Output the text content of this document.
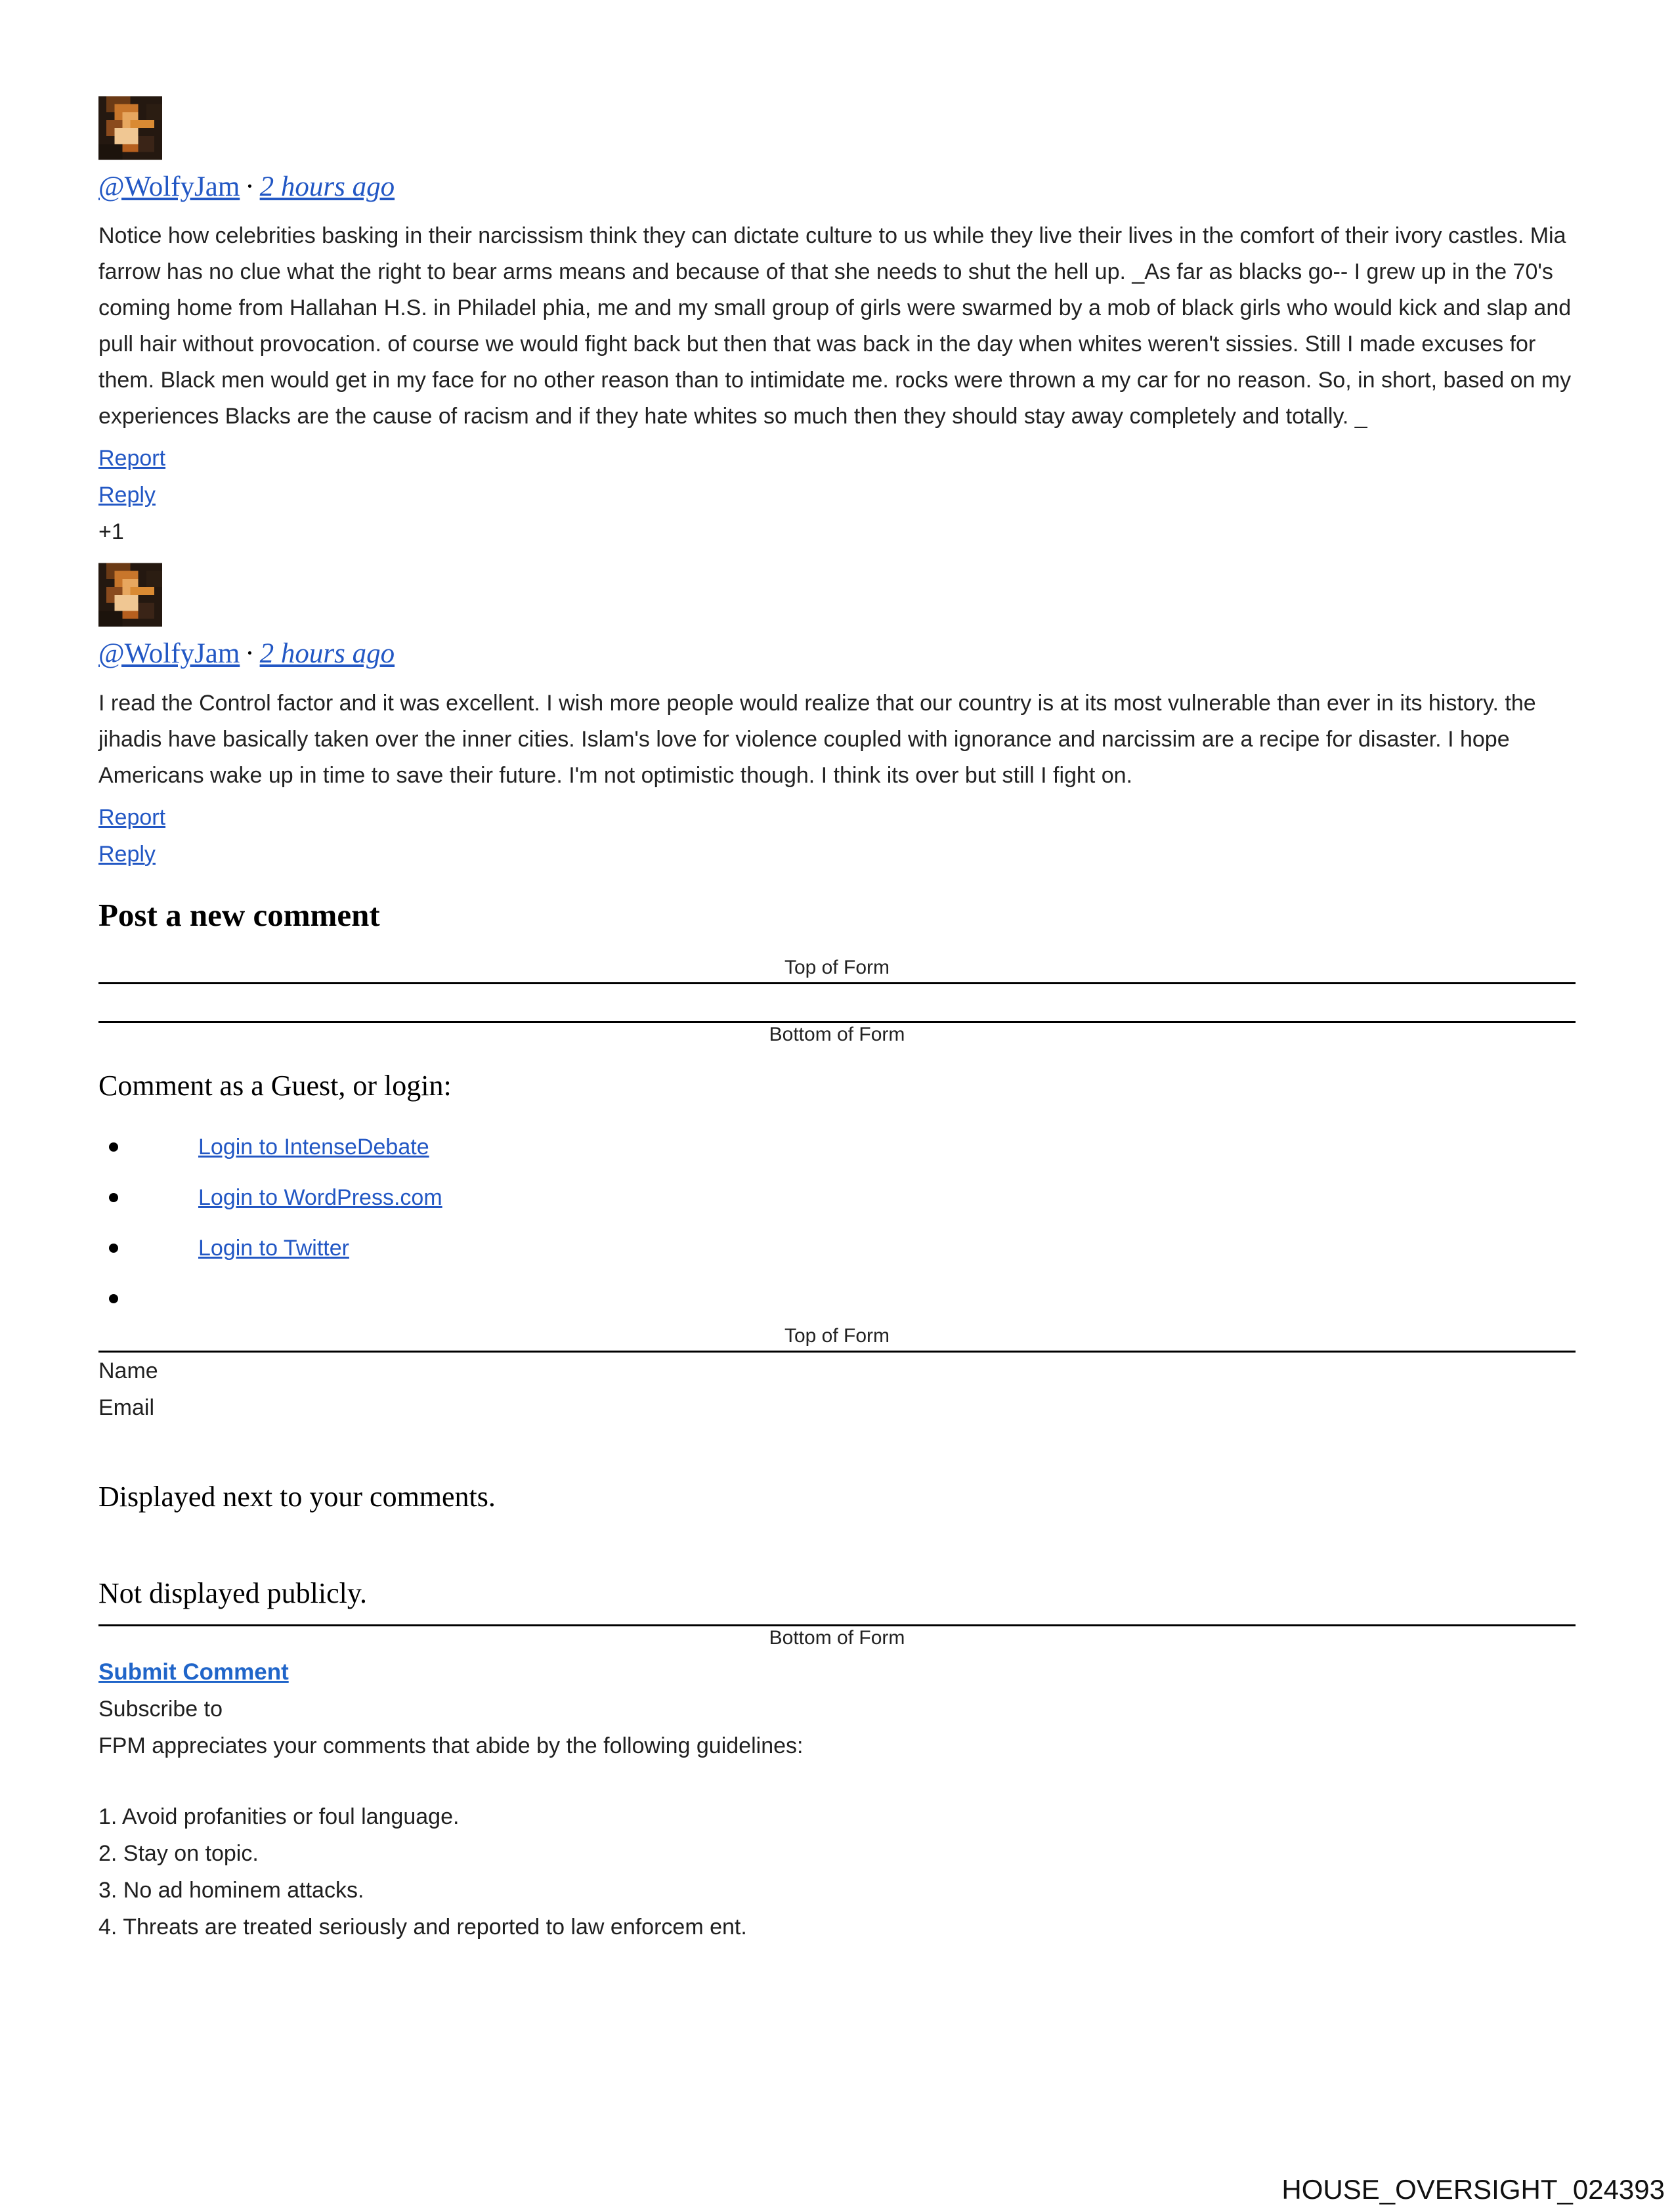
@WolfyJam · 2 hours ago

Notice how celebrities basking in their narcissism think they can dictate culture to us while they live their lives in the comfort of their ivory castles. Mia farrow has no clue what the right to bear arms means and because of that she needs to shut the hell up. _As far as blacks go-- I grew up in the 70's coming home from Hallahan H.S. in Philadel phia, me and my small group of girls were swarmed by a mob of black girls who would kick and slap and pull hair without provocation. of course we would fight back but then that was back in the day when whites weren't sissies. Still I made excuses for them. Black men would get in my face for no other reason than to intimidate me. rocks were thrown a my car for no reason. So, in short, based on my experiences Blacks are the cause of racism and if they hate whites so much then they should stay away completely and totally. _

Report
Reply
+1
@WolfyJam · 2 hours ago

I read the Control factor and it was excellent. I wish more people would realize that our country is at its most vulnerable than ever in its history. the jihadis have basically taken over the inner cities. Islam's love for violence coupled with ignorance and narcissim are a recipe for disaster. I hope Americans wake up in time to save their future. I'm not optimistic though. I think its over but still I fight on.

Report
Reply
Post a new comment
Top of Form
Bottom of Form
Comment as a Guest, or login:
Login to IntenseDebate
Login to WordPress.com
Login to Twitter
Top of Form
Name
Email
Displayed next to your comments.
Not displayed publicly.
Bottom of Form
Submit Comment
Subscribe to
FPM appreciates your comments that abide by the following guidelines:
1. Avoid profanities or foul language.
2. Stay on topic.
3. No ad hominem attacks.
4. Threats are treated seriously and reported to law enforcem ent.
HOUSE_OVERSIGHT_024393
